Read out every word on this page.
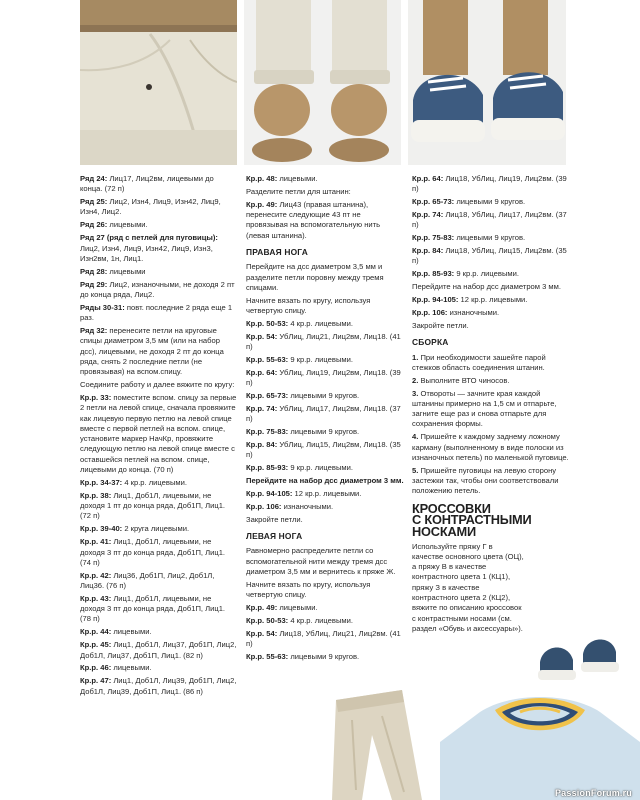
Ряд 24: Лиц17, Лиц2вм, лицевыми до конца. (72 п)

Ряд 25: Лиц2, Изн4, Лиц9, Изн42, Лиц9, Изн4, Лиц2.

Ряд 26: лицевыми.

Ряд 27 (ряд с петлей для пуговицы): Лиц2, Изн4, Лиц9, Изн42, Лиц9, Изн3, Изн2вм, 1н, Лиц1.

Ряд 28: лицевыми

Ряд 29: Лиц2, изнаночными, не доходя 2 пт до конца ряда, Лиц2.

Ряды 30-31: повт. последние 2 ряда еще 1 раз.

Ряд 32: перенесите петли на круговые спицы диаметром 3,5 мм (или на набор дсс), лицевыми, не доходя 2 пт до конца ряда, снять 2 последние петли (не провязывая) на вспом.спицу.

Соедините работу и далее вяжите по кругу:

Кр.р. 33: поместите вспом. спицу за первые 2 петли на левой спице, сначала провяжите как лицевую первую петлю на левой спице вместе с первой петлей на вспом. спице, установите маркер НачКр, провяжите следующую петлю на левой спице вместе с оставшейся петлей на вспом. спице, лицевыми до конца. (70 п)

Кр.р. 34-37: 4 кр.р. лицевыми.

Кр.р. 38: Лиц1, Доб1Л, лицевыми, не доходя 1 пт до конца ряда, Доб1П, Лиц1. (72 п)

Кр.р. 39-40: 2 круга лицевыми.

Кр.р. 41: Лиц1, Доб1Л, лицевыми, не доходя 3 пт до конца ряда, Доб1П, Лиц1. (74 п)

Кр.р. 42: Лиц36, Доб1П, Лиц2, Доб1Л, Лиц36. (76 п)

Кр.р. 43: Лиц1, Доб1Л, лицевыми, не доходя 3 пт до конца ряда, Доб1П, Лиц1. (78 п)

Кр.р. 44: лицевыми.

Кр.р. 45: Лиц1, Доб1Л, Лиц37, Доб1П, Лиц2, Доб1Л, Лиц37, Доб1П, Лиц1. (82 п)

Кр.р. 46: лицевыми.

Кр.р. 47: Лиц1, Доб1Л, Лиц39, Доб1П, Лиц2, Доб1Л, Лиц39, Доб1П, Лиц1. (86 п)

Кр.р. 48: лицевыми.

Разделите петли для штанин:

Кр.р. 49: Лиц43 (правая штанина), перенесите следующие 43 пт не провязывая на вспомогательную нить (левая штанина).

ПРАВАЯ НОГА

Перейдите на дсс диаметром 3,5 мм и разделите петли поровну между тремя спицами.

Начните вязать по кругу, используя четвертую спицу.

Кр.р. 50-53: 4 кр.р. лицевыми.

Кр.р. 54: УбЛиц, Лиц21, Лиц2вм, Лиц18. (41 п)

Кр.р. 55-63: 9 кр.р. лицевыми.

Кр.р. 64: УбЛиц, Лиц19, Лиц2вм, Лиц18. (39 п)

Кр.р. 65-73: лицевыми 9 кругов.

Кр.р. 74: УбЛиц, Лиц17, Лиц2вм, Лиц18. (37 п)

Кр.р. 75-83: лицевыми 9 кругов.

Кр.р. 84: УбЛиц, Лиц15, Лиц2вм, Лиц18. (35 п)

Кр.р. 85-93: 9 кр.р. лицевыми.

Перейдите на набор дсс диаметром 3 мм.

Кр.р. 94-105: 12 кр.р. лицевыми.

Кр.р. 106: изнаночными.

Закройте петли.

ЛЕВАЯ НОГА

Равномерно распределите петли со вспомогательной нити между тремя дсс диаметром 3,5 мм и вернитесь к пряже Ж.

Начните вязать по кругу, используя четвертую спицу.

Кр.р. 49: лицевыми.

Кр.р. 50-53: 4 кр.р. лицевыми.

Кр.р. 54: Лиц18, УбЛиц, Лиц21, Лиц2вм. (41 п)

Кр.р. 55-63: лицевыми 9 кругов.

Кр.р. 64: Лиц18, УбЛиц, Лиц19, Лиц2вм. (39 п)

Кр.р. 65-73: лицевыми 9 кругов.

Кр.р. 74: Лиц18, УбЛиц, Лиц17, Лиц2вм. (37 п)

Кр.р. 75-83: лицевыми 9 кругов.

Кр.р. 84: Лиц18, УбЛиц, Лиц15, Лиц2вм. (35 п)

Кр.р. 85-93: 9 кр.р. лицевыми.

Перейдите на набор дсс диаметром 3 мм.

Кр.р. 94-105: 12 кр.р. лицевыми.

Кр.р. 106: изнаночными.

Закройте петли.

СБОРКА

1. При необходимости зашейте парой стежков область соединения штанин.

2. Выполните ВТО чиносов.

3. Отвороты — зачните края каждой штанины примерно на 1,5 см и отпарьте, загните еще раз и снова отпарьте для сохранения формы.

4. Пришейте к каждому заднему ложному карману (выполненному в виде полоски из изнаночных петель) по маленькой пуговице.

5. Пришейте пуговицы на левую сторону застежки так, чтобы они соответствовали положению петель.

КРОССОВКИ
С КОНТРАСТНЫМИ
НОСКАМИ

Используйте пряжу Г в качестве основного цвета (ОЦ), а пряжу В в качестве контрастного цвета 1 (КЦ1), пряжу З в качестве контрастного цвета 2 (КЦ2), вяжите по описанию кроссовок с контрастными носами (см. раздел «Обувь и аксессуары»).

PassionForum.ru
